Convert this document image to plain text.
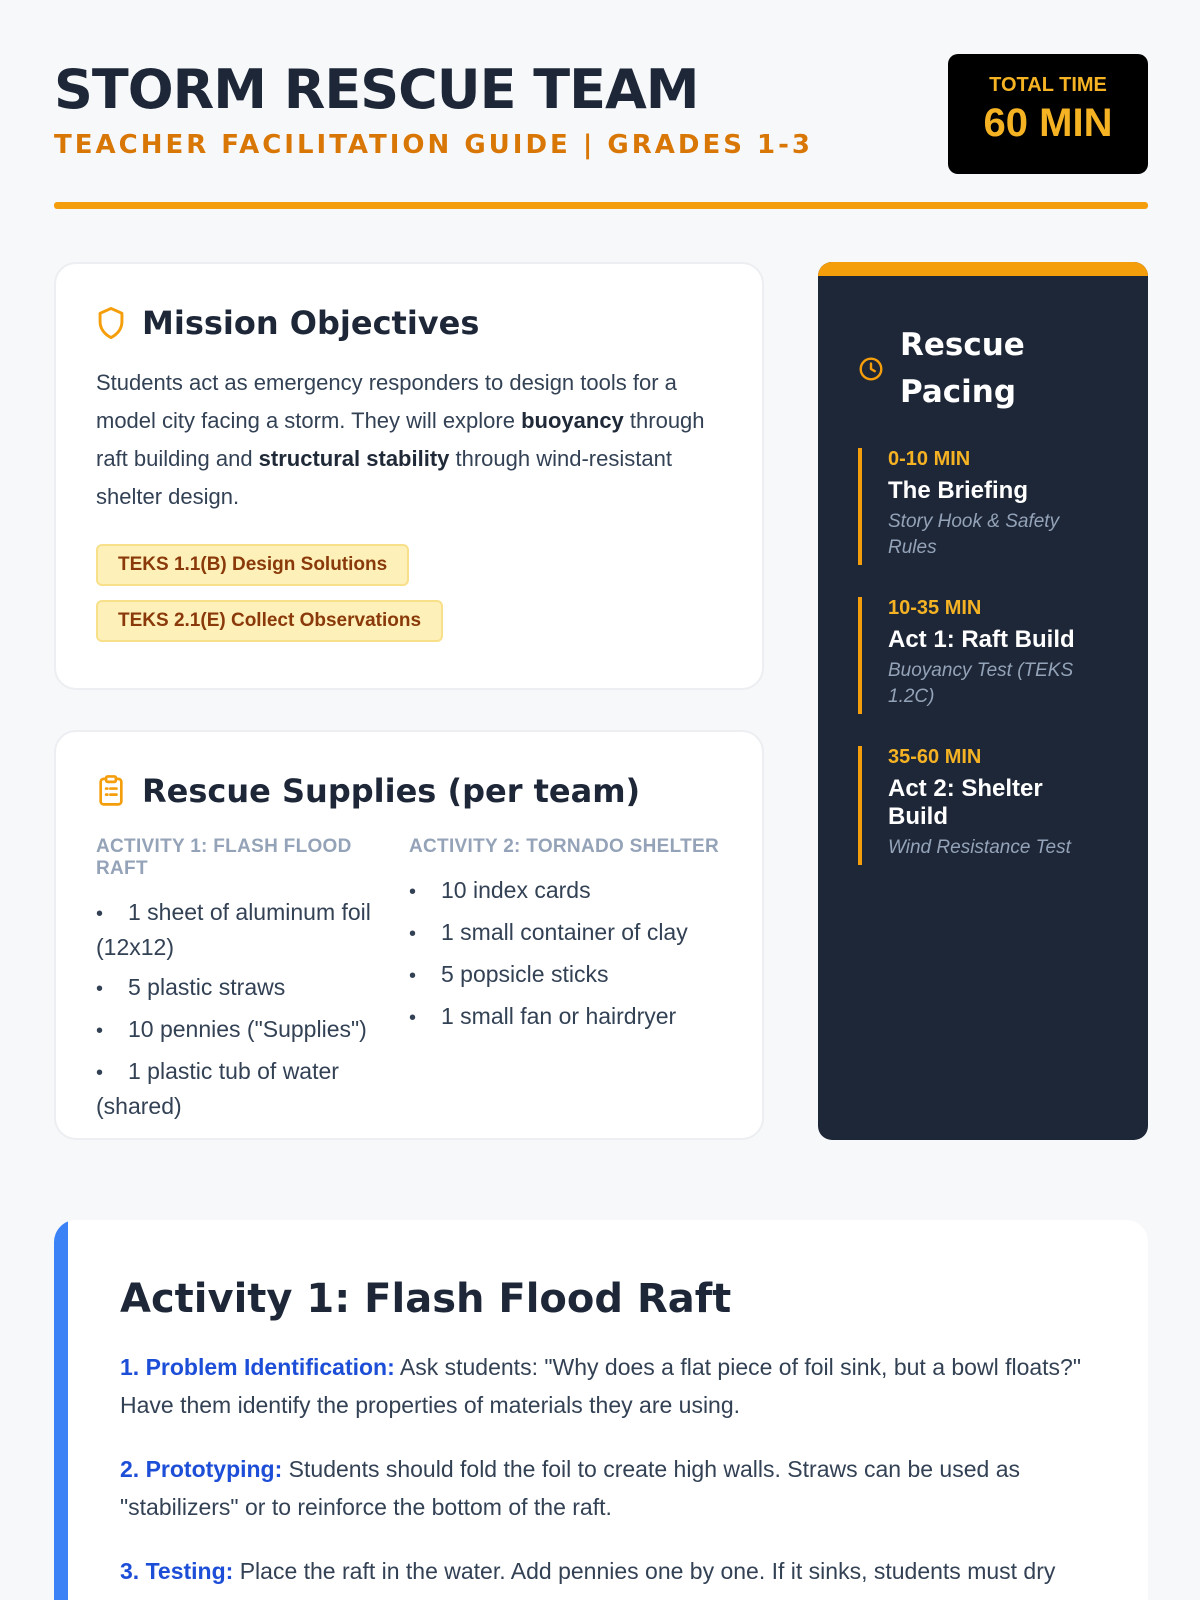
STORM RESCUE TEAM
TEACHER FACILITATION GUIDE | GRADES 1-3
TOTAL TIME
60 MIN
Mission Objectives

Students act as emergency responders to design tools for a model city facing a storm. They will explore buoyancy through raft building and structural stability through wind-resistant shelter design.

TEKS 1.1(B) Design Solutions
TEKS 2.1(E) Collect Observations
Rescue Supplies (per team)
ACTIVITY 1: FLASH FLOOD RAFT
• 1 sheet of aluminum foil (12x12)
• 5 plastic straws
• 10 pennies ("Supplies")
• 1 plastic tub of water (shared)
ACTIVITY 2: TORNADO SHELTER
• 10 index cards
• 1 small container of clay
• 5 popsicle sticks
• 1 small fan or hairdryer
Rescue Pacing
0-10 MIN
The Briefing
Story Hook & Safety Rules
10-35 MIN
Act 1: Raft Build
Buoyancy Test (TEKS 1.2C)
35-60 MIN
Act 2: Shelter Build
Wind Resistance Test
Activity 1: Flash Flood Raft

1. Problem Identification: Ask students: "Why does a flat piece of foil sink, but a bowl floats?" Have them identify the properties of materials they are using.

2. Prototyping: Students should fold the foil to create high walls. Straws can be used as "stabilizers" or to reinforce the bottom of the raft.

3. Testing: Place the raft in the water. Add pennies one by one. If it sinks, students must dry
